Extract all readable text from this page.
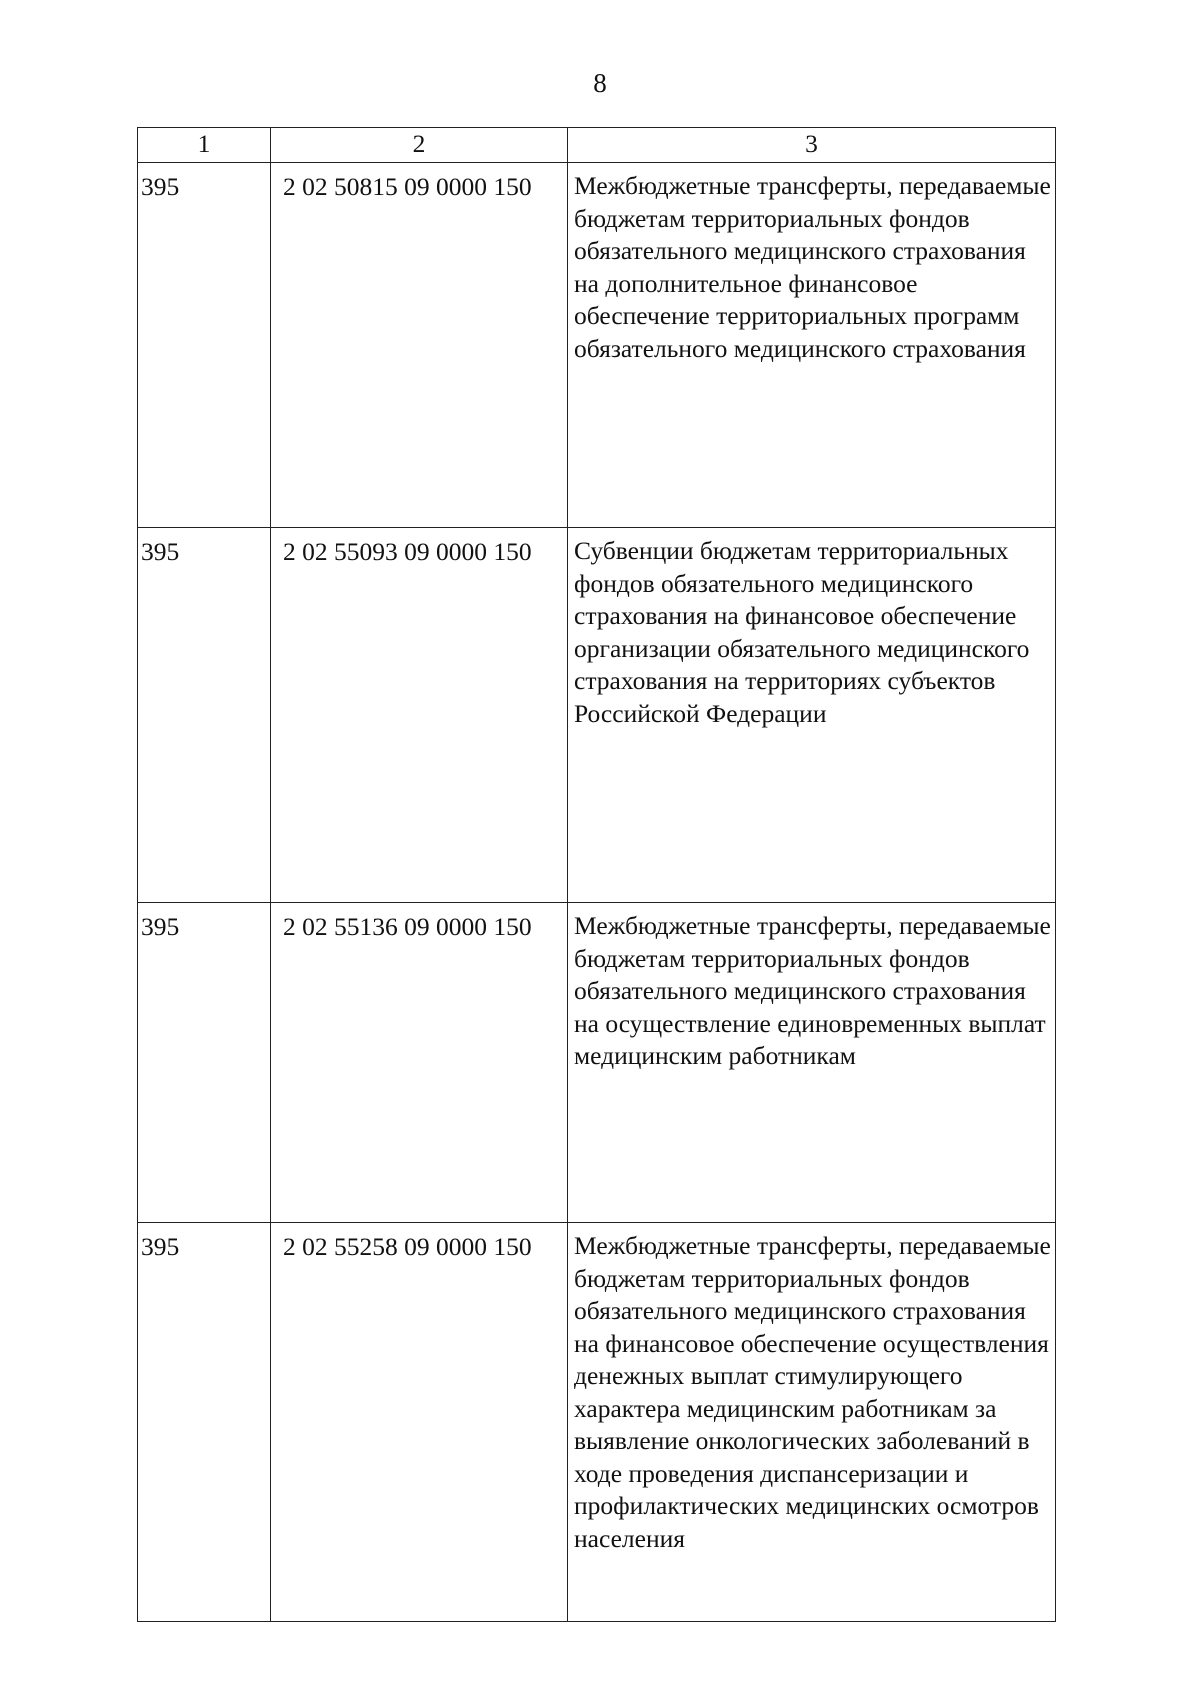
8
1	2	3
395	2 02 50815 09 0000 150	Межбюджетные трансферты, передаваемые бюджетам территориальных фондов обязательного медицинского страхования на дополнительное финансовое обеспечение территориальных программ обязательного медицинского страхования
395	2 02 55093 09 0000 150	Субвенции бюджетам территориальных фондов обязательного медицинского страхования на финансовое обеспечение организации обязательного медицинского страхования на территориях субъектов Российской Федерации
395	2 02 55136 09 0000 150	Межбюджетные трансферты, передаваемые бюджетам территориальных фондов обязательного медицинского страхования на осуществление единовременных выплат медицинским работникам
395	2 02 55258 09 0000 150	Межбюджетные трансферты, передаваемые бюджетам территориальных фондов обязательного медицинского страхования на финансовое обеспечение осуществления денежных выплат стимулирующего характера медицинским работникам за выявление онкологических заболеваний в ходе проведения диспансеризации и профилактических медицинских осмотров населения
